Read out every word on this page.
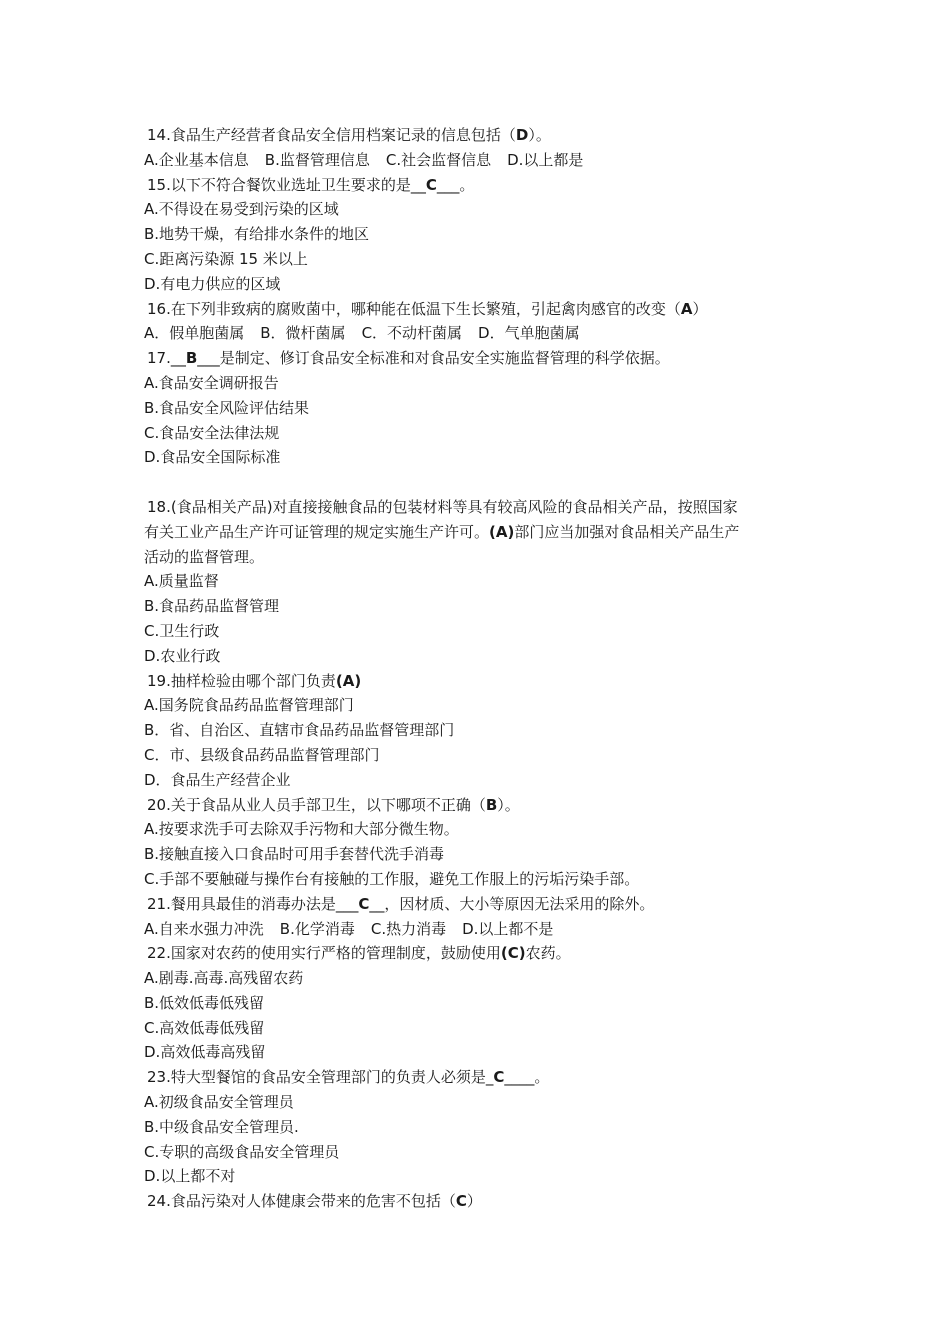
14.食品生产经营者食品安全信用档案记录的信息包括（D）。
A.企业基本信息 B.监督管理信息 C.社会监督信息 D.以上都是
15.以下不符合餐饮业选址卫生要求的是__C___。
A.不得设在易受到污染的区域
B.地势干燥，有给排水条件的地区
C.距离污染源 15 米以上
D.有电力供应的区域
16.在下列非致病的腐败菌中，哪种能在低温下生长繁殖，引起禽肉感官的改变（A）
A．假单胞菌属 B．微杆菌属 C．不动杆菌属 D．气单胞菌属
17.__B___是制定、修订食品安全标准和对食品安全实施监督管理的科学依据。
A.食品安全调研报告
B.食品安全风险评估结果
C.食品安全法律法规
D.食品安全国际标准
18.(食品相关产品)对直接接触食品的包装材料等具有较高风险的食品相关产品，按照国家
有关工业产品生产许可证管理的规定实施生产许可。(A)部门应当加强对食品相关产品生产
活动的监督管理。
A.质量监督
B.食品药品监督管理
C.卫生行政
D.农业行政
19.抽样检验由哪个部门负责(A)
A.国务院食品药品监督管理部门
B．省、自治区、直辖市食品药品监督管理部门
C．市、县级食品药品监督管理部门
D．食品生产经营企业
20.关于食品从业人员手部卫生，以下哪项不正确（B）。
A.按要求洗手可去除双手污物和大部分微生物。
B.接触直接入口食品时可用手套替代洗手消毒
C.手部不要触碰与操作台有接触的工作服，避免工作服上的污垢污染手部。
21.餐用具最佳的消毒办法是___C__，因材质、大小等原因无法采用的除外。
A.自来水强力冲洗 B.化学消毒 C.热力消毒 D.以上都不是
22.国家对农药的使用实行严格的管理制度，鼓励使用(C)农药。
A.剧毒.高毒.高残留农药
B.低效低毒低残留
C.高效低毒低残留
D.高效低毒高残留
23.特大型餐馆的食品安全管理部门的负责人必须是_C____。
A.初级食品安全管理员
B.中级食品安全管理员.
C.专职的高级食品安全管理员
D.以上都不对
24.食品污染对人体健康会带来的危害不包括（C）
